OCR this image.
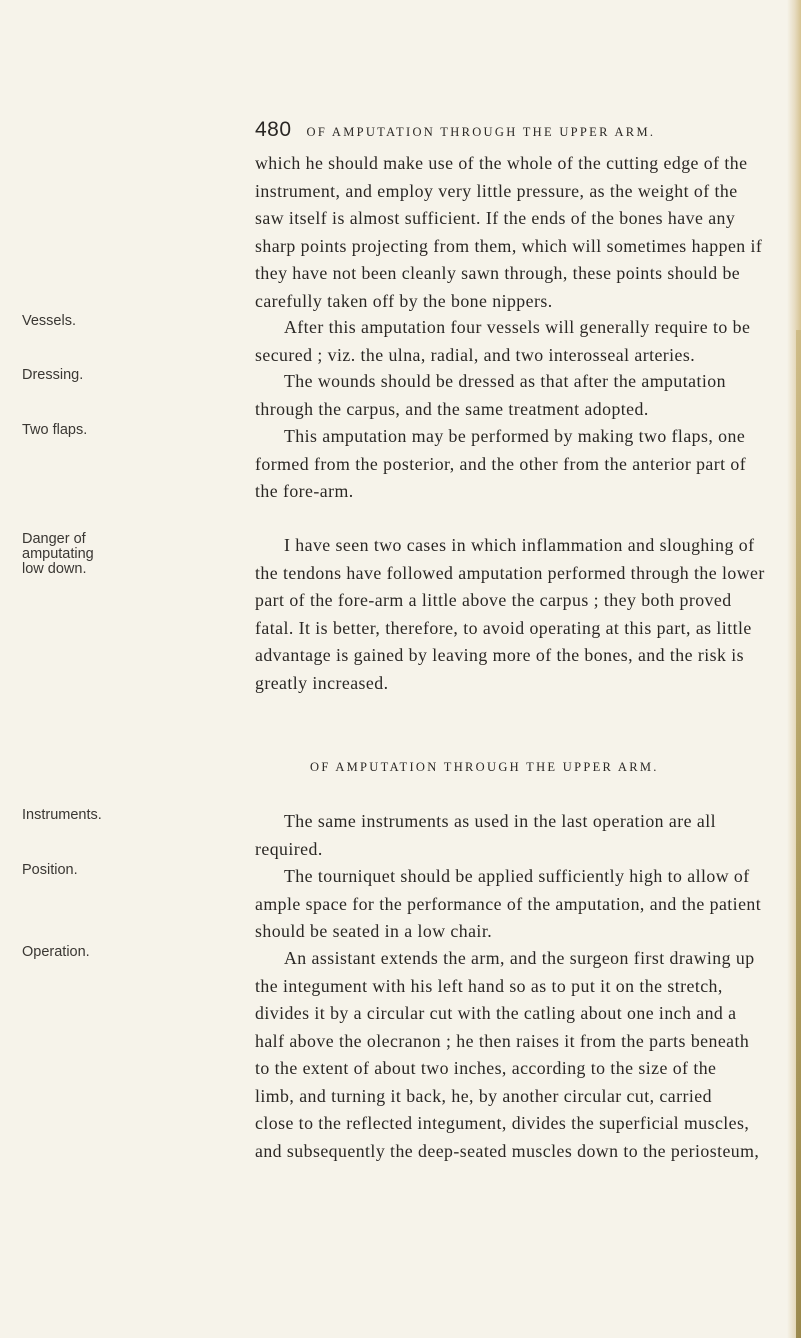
480 OF AMPUTATION THROUGH THE UPPER ARM.
Vessels.
Dressing.
Two flaps.
Danger of
amputating
low down.
Instruments.
Position.
Operation.

which he should make use of the whole of the cutting edge of the

instrument, and employ very little pressure, as the weight of the

saw itself is almost sufficient. If the ends of the bones have any

sharp points projecting from them, which will sometimes happen if

they have not been cleanly sawn through, these points should be

carefully taken off by the bone nippers.

After this amputation four vessels will generally require to be

secured ; viz. the ulna, radial, and two interosseal arteries.

The wounds should be dressed as that after the amputation

through the carpus, and the same treatment adopted.

This amputation may be performed by making two flaps, one

formed from the posterior, and the other from the anterior part of

the fore-arm.

I have seen two cases in which inflammation and sloughing of

the tendons have followed amputation performed through the lower

part of the fore-arm a little above the carpus ; they both proved

fatal. It is better, therefore, to avoid operating at this part, as little

advantage is gained by leaving more of the bones, and the risk is

greatly increased.

OF AMPUTATION THROUGH THE UPPER ARM.

The same instruments as used in the last operation are all

required.

The tourniquet should be applied sufficiently high to allow of

ample space for the performance of the amputation, and the patient

should be seated in a low chair.

An assistant extends the arm, and the surgeon first drawing up

the integument with his left hand so as to put it on the stretch,

divides it by a circular cut with the catling about one inch and a

half above the olecranon ; he then raises it from the parts beneath

to the extent of about two inches, according to the size of the

limb, and turning it back, he, by another circular cut, carried

close to the reflected integument, divides the superficial muscles,

and subsequently the deep-seated muscles down to the periosteum,
